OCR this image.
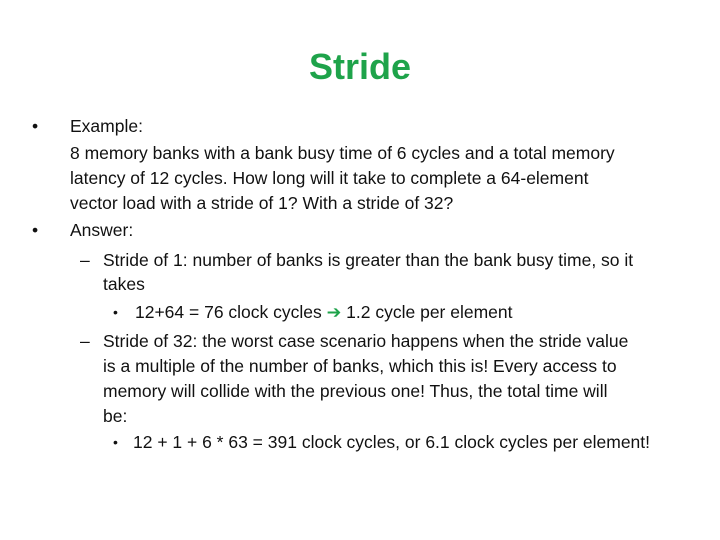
Stride
• Example:
8 memory banks with a bank busy time of 6 cycles and a total memory
latency of 12 cycles. How long will it take to complete a 64-element
vector load with a stride of 1? With a stride of 32?
• Answer:
– Stride of 1: number of banks is greater than the bank busy time, so it
takes
• 12+64 = 76 clock cycles ➔ 1.2 cycle per element
– Stride of 32: the worst case scenario happens when the stride value
is a multiple of the number of banks, which this is! Every access to
memory will collide with the previous one! Thus, the total time will
be:
• 12 + 1 + 6 * 63 = 391 clock cycles, or 6.1 clock cycles per element!
